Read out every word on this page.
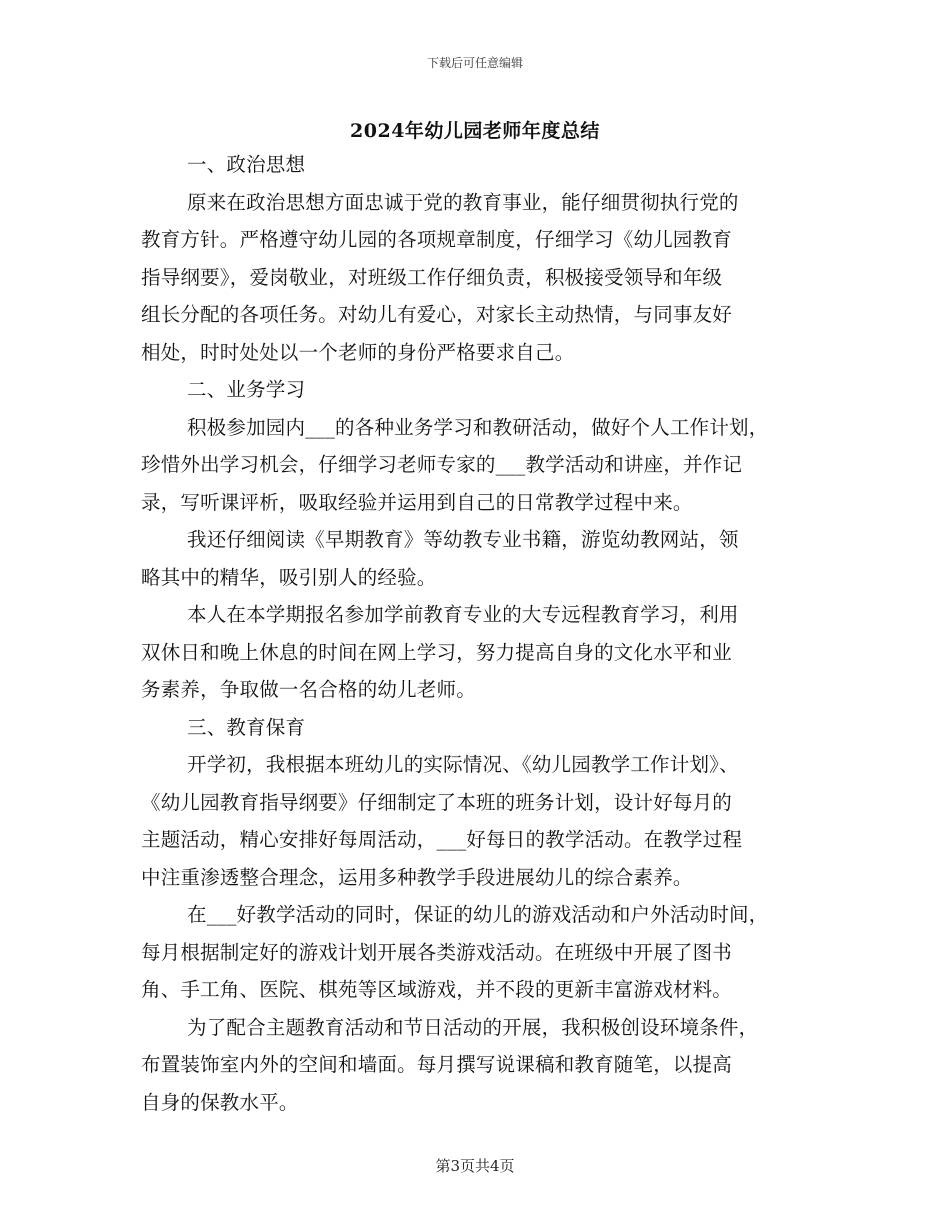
下载后可任意编辑
2024年幼儿园老师年度总结
一、政治思想
原来在政治思想方面忠诚于党的教育事业，能仔细贯彻执行党的
教育方针。严格遵守幼儿园的各项规章制度，仔细学习《幼儿园教育
指导纲要》，爱岗敬业，对班级工作仔细负责，积极接受领导和年级
组长分配的各项任务。对幼儿有爱心，对家长主动热情，与同事友好
相处，时时处处以一个老师的身份严格要求自己。
二、业务学习
积极参加园内___的各种业务学习和教研活动，做好个人工作计划，
珍惜外出学习机会，仔细学习老师专家的___教学活动和讲座，并作记
录，写听课评析，吸取经验并运用到自己的日常教学过程中来。
我还仔细阅读《早期教育》等幼教专业书籍，游览幼教网站，领
略其中的精华，吸引别人的经验。
本人在本学期报名参加学前教育专业的大专远程教育学习，利用
双休日和晚上休息的时间在网上学习，努力提高自身的文化水平和业
务素养，争取做一名合格的幼儿老师。
三、教育保育
开学初，我根据本班幼儿的实际情况、《幼儿园教学工作计划》、
《幼儿园教育指导纲要》仔细制定了本班的班务计划，设计好每月的
主题活动，精心安排好每周活动，___好每日的教学活动。在教学过程
中注重渗透整合理念，运用多种教学手段进展幼儿的综合素养。
在___好教学活动的同时，保证的幼儿的游戏活动和户外活动时间，
每月根据制定好的游戏计划开展各类游戏活动。在班级中开展了图书
角、手工角、医院、棋苑等区域游戏，并不段的更新丰富游戏材料。
为了配合主题教育活动和节日活动的开展，我积极创设环境条件，
布置装饰室内外的空间和墙面。每月撰写说课稿和教育随笔，以提高
自身的保教水平。
第3页共4页
